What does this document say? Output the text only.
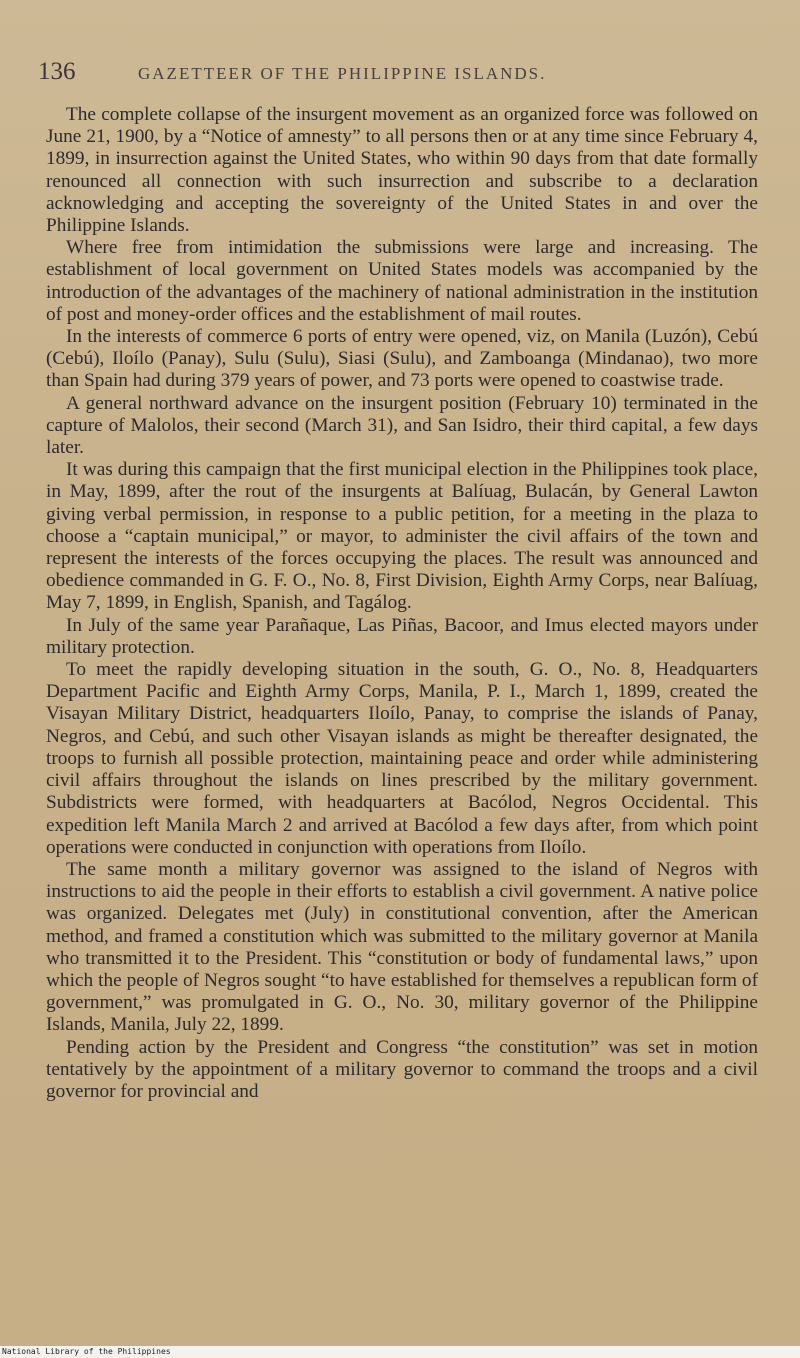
136	GAZETTEER OF THE PHILIPPINE ISLANDS.

The complete collapse of the insurgent movement as an organized force was followed on June 21, 1900, by a “Notice of amnesty” to all persons then or at any time since February 4, 1899, in insurrection against the United States, who within 90 days from that date formally renounced all connection with such insurrection and subscribe to a declaration acknowledging and accepting the sovereignty of the United States in and over the Philippine Islands.

Where free from intimidation the submissions were large and increasing. The establishment of local government on United States models was accompanied by the introduction of the advantages of the machinery of national administration in the institution of post and money-order offices and the establishment of mail routes.

In the interests of commerce 6 ports of entry were opened, viz, on Manila (Luzón), Cebú (Cebú), Iloílo (Panay), Sulu (Sulu), Siasi (Sulu), and Zamboanga (Mindanao), two more than Spain had during 379 years of power, and 73 ports were opened to coastwise trade.

A general northward advance on the insurgent position (February 10) terminated in the capture of Malolos, their second (March 31), and San Isidro, their third capital, a few days later.

It was during this campaign that the first municipal election in the Philippines took place, in May, 1899, after the rout of the insurgents at Balíuag, Bulacán, by General Lawton giving verbal permission, in response to a public petition, for a meeting in the plaza to choose a “captain municipal,” or mayor, to administer the civil affairs of the town and represent the interests of the forces occupying the places. The result was announced and obedience commanded in G. F. O., No. 8, First Division, Eighth Army Corps, near Balíuag, May 7, 1899, in English, Spanish, and Tagálog.

In July of the same year Parañaque, Las Piñas, Bacoor, and Imus elected mayors under military protection.

To meet the rapidly developing situation in the south, G. O., No. 8, Headquarters Department Pacific and Eighth Army Corps, Manila, P. I., March 1, 1899, created the Visayan Military District, headquarters Iloílo, Panay, to comprise the islands of Panay, Negros, and Cebú, and such other Visayan islands as might be thereafter designated, the troops to furnish all possible protection, maintaining peace and order while administering civil affairs throughout the islands on lines prescribed by the military government. Subdistricts were formed, with headquarters at Bacólod, Negros Occidental. This expedition left Manila March 2 and arrived at Bacólod a few days after, from which point operations were conducted in conjunction with operations from Iloílo.

The same month a military governor was assigned to the island of Negros with instructions to aid the people in their efforts to establish a civil government. A native police was organized. Delegates met (July) in constitutional convention, after the American method, and framed a constitution which was submitted to the military governor at Manila who transmitted it to the President. This “constitution or body of fundamental laws,” upon which the people of Negros sought “to have established for themselves a republican form of government,” was promulgated in G. O., No. 30, military governor of the Philippine Islands, Manila, July 22, 1899.

Pending action by the President and Congress “the constitution” was set in motion tentatively by the appointment of a military governor to command the troops and a civil governor for provincial and

National Library of the Philippines
